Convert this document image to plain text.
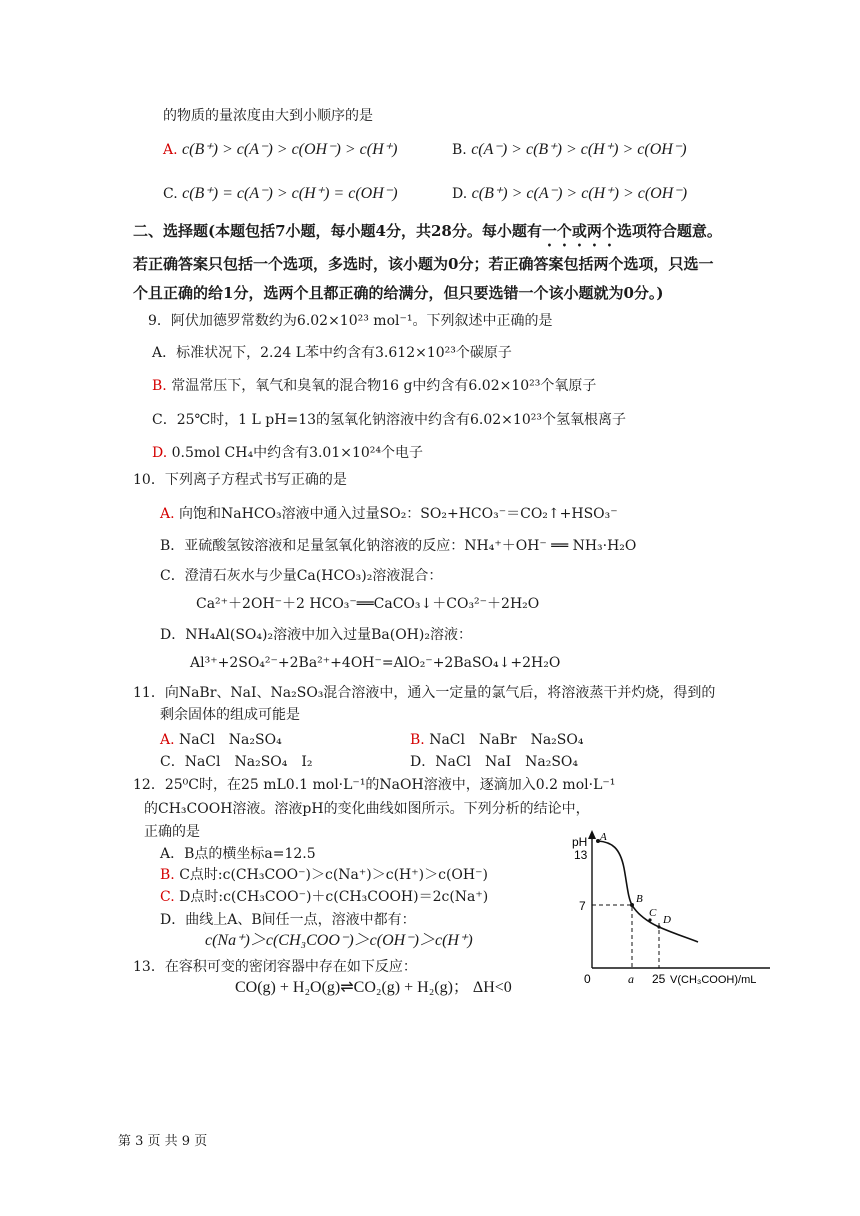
的物质的量浓度由大到小顺序的是
A. c(B⁺) > c(A⁻) > c(OH⁻) > c(H⁺)	B. c(A⁻) > c(B⁺) > c(H⁺) > c(OH⁻)
C. c(B⁺) = c(A⁻) > c(H⁺) = c(OH⁻)	D. c(B⁺) > c(A⁻) > c(H⁺) > c(OH⁻)
二、选择题(本题包括7小题，每小题4分，共28分。每小题有一个或两个选项符合题意。
若正确答案只包括一个选项，多选时，该小题为0分；若正确答案包括两个选项，只选一
个且正确的给1分，选两个且都正确的给满分，但只要选错一个该小题就为0分。)
9．阿伏加德罗常数约为6.02×10²³ mol⁻¹。下列叙述中正确的是
A．标准状况下，2.24 L苯中约含有3.612×10²³个碳原子
B. 常温常压下，氧气和臭氧的混合物16 g中约含有6.02×10²³个氧原子
C．25℃时，1 L pH=13的氢氧化钠溶液中约含有6.02×10²³个氢氧根离子
D. 0.5mol CH₄中约含有3.01×10²⁴个电子
10．下列离子方程式书写正确的是
A. 向饱和NaHCO₃溶液中通入过量SO₂：SO₂+HCO₃⁻＝CO₂↑+HSO₃⁻
B．亚硫酸氢铵溶液和足量氢氧化钠溶液的反应：NH₄⁺＋OH⁻ ══ NH₃·H₂O
C．澄清石灰水与少量Ca(HCO₃)₂溶液混合：
Ca²⁺＋2OH⁻＋2 HCO₃⁻══CaCO₃↓＋CO₃²⁻＋2H₂O
D．NH₄Al(SO₄)₂溶液中加入过量Ba(OH)₂溶液：
Al³⁺+2SO₄²⁻+2Ba²⁺+4OH⁻=AlO₂⁻+2BaSO₄↓+2H₂O
11．向NaBr、NaI、Na₂SO₃混合溶液中，通入一定量的氯气后，将溶液蒸干并灼烧，得到的
剩余固体的组成可能是
A. NaCl　Na₂SO₄	B. NaCl　NaBr　Na₂SO₄
C．NaCl　Na₂SO₄　I₂	D．NaCl　NaI　Na₂SO₄
12．25⁰C时，在25 mL0.1 mol·L⁻¹的NaOH溶液中，逐滴加入0.2 mol·L⁻¹
的CH₃COOH溶液。溶液pH的变化曲线如图所示。下列分析的结论中，
正确的是
A．B点的横坐标a=12.5
B. C点时:c(CH₃COO⁻)＞c(Na⁺)＞c(H⁺)＞c(OH⁻)
C. D点时:c(CH₃COO⁻)＋c(CH₃COOH)＝2c(Na⁺)
D．曲线上A、B间任一点，溶液中都有：
c(Na⁺)＞c(CH₃COO⁻)＞c(OH⁻)＞c(H⁺)
pH
13
7
A
B
C
D
0	a 25 V(CH₃COOH)/mL
13．在容积可变的密闭容器中存在如下反应：
CO(g) + H₂O(g)⇌CO₂(g) + H₂(g)； ΔH<0
第 3 页 共 9 页
